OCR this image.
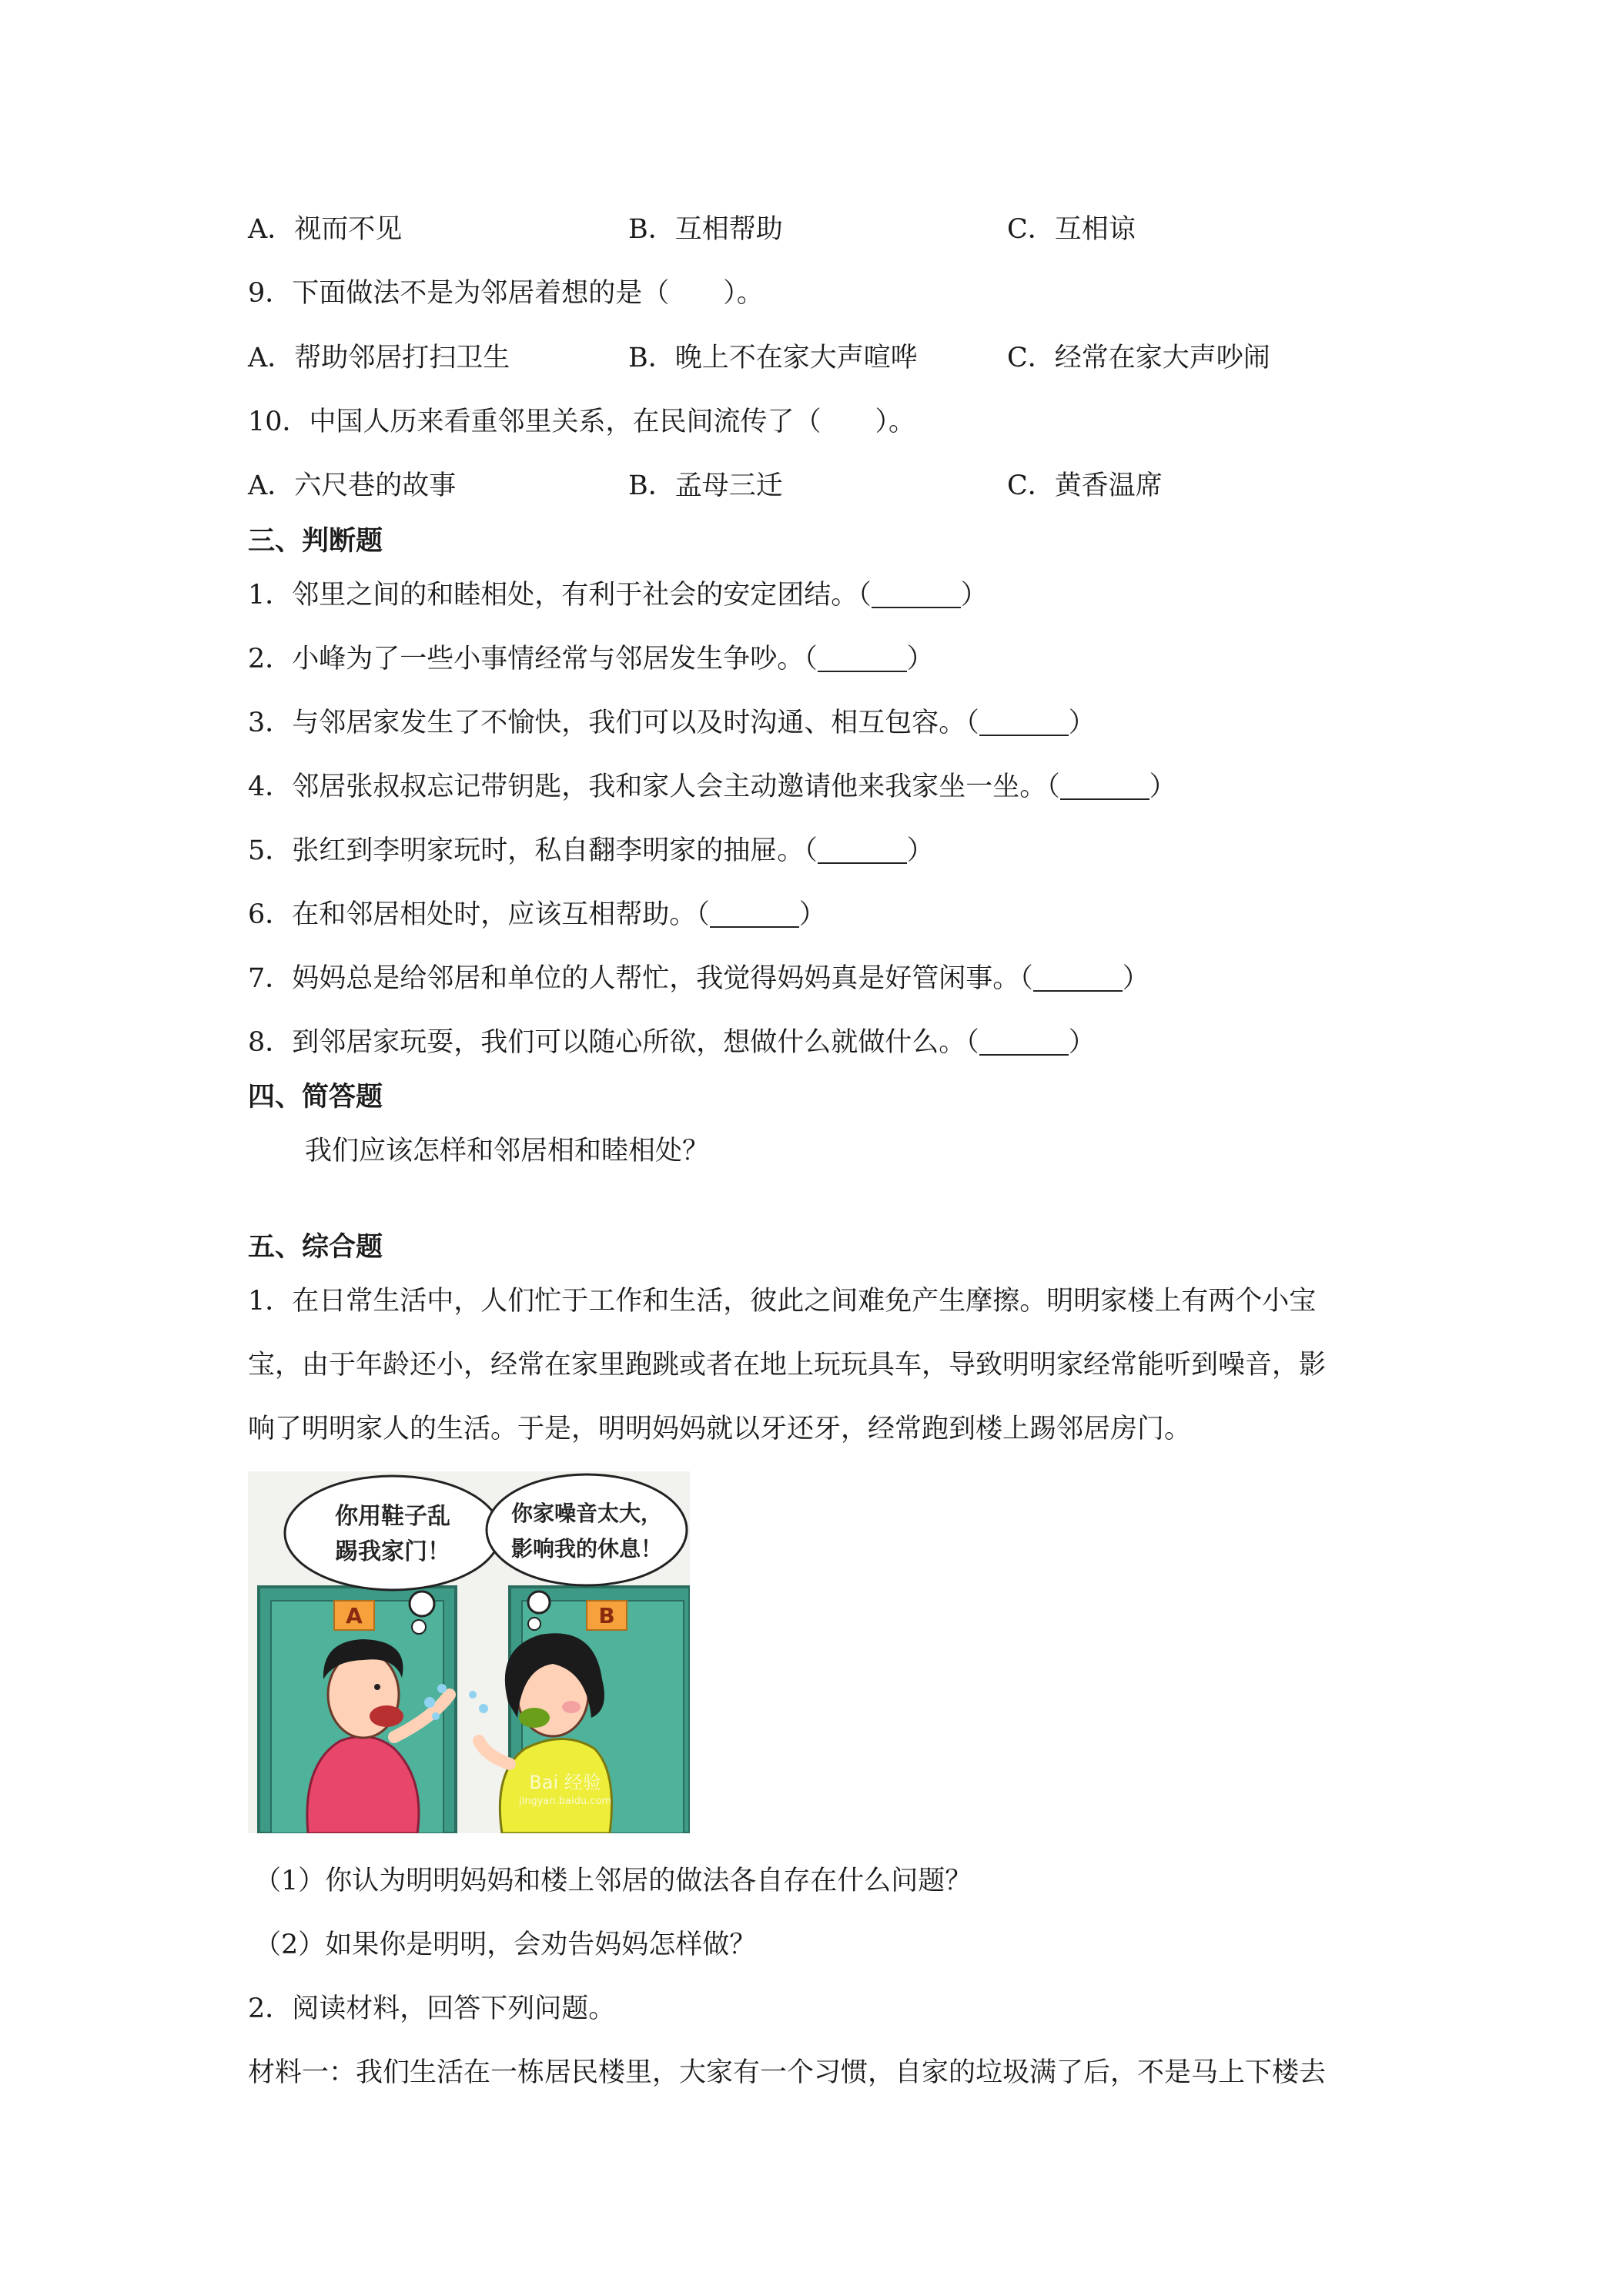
A．视而不见	B．互相帮助	C．互相谅
9．下面做法不是为邻居着想的是（　　）。
A．帮助邻居打扫卫生	B．晚上不在家大声喧哗	C．经常在家大声吵闹
10．中国人历来看重邻里关系，在民间流传了（　　）。
A．六尺巷的故事	B．孟母三迁	C．黄香温席
三、判断题
1．邻里之间的和睦相处，有利于社会的安定团结。（	）
2．小峰为了一些小事情经常与邻居发生争吵。（	）
3．与邻居家发生了不愉快，我们可以及时沟通、相互包容。（	）
4．邻居张叔叔忘记带钥匙，我和家人会主动邀请他来我家坐一坐。（	）
5．张红到李明家玩时，私自翻李明家的抽屉。（	）
6．在和邻居相处时，应该互相帮助。（	）
7．妈妈总是给邻居和单位的人帮忙，我觉得妈妈真是好管闲事。（	）
8．到邻居家玩耍，我们可以随心所欲，想做什么就做什么。（	）
四、简答题
我们应该怎样和邻居相和睦相处？
五、综合题
1．在日常生活中，人们忙于工作和生活，彼此之间难免产生摩擦。明明家楼上有两个小宝
宝，由于年龄还小，经常在家里跑跳或者在地上玩玩具车，导致明明家经常能听到噪音，影
响了明明家人的生活。于是，明明妈妈就以牙还牙，经常跑到楼上踢邻居房门。
A	B
你用鞋子乱
踢我家门！
你家噪音太大，
影响我的休息！
Bai 经验
jingyan.baidu.com
（1）你认为明明妈妈和楼上邻居的做法各自存在什么问题？
（2）如果你是明明，会劝告妈妈怎样做？
2．阅读材料，回答下列问题。
材料一：我们生活在一栋居民楼里，大家有一个习惯，自家的垃圾满了后，不是马上下楼去
